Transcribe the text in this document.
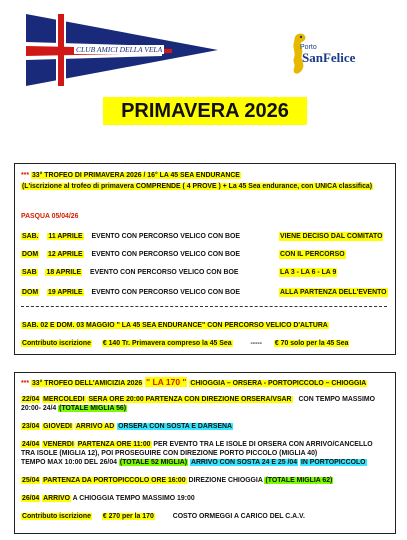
CLUB AMICI DELLA VELA	Porto
SanFelice
PRIMAVERA 2026
*** 33° TROFEO DI PRIMAVERA 2026 / 16° LA 45 SEA ENDURANCE
(L'iscrizione al trofeo di primavera COMPRENDE ( 4 PROVE ) + La 45 Sea endurance, con UNICA classifica)
PASQUA 05/04/26
SAB. 11 APRILE EVENTO CON PERCORSO VELICO CON BOE	VIENE DECISO DAL COMITATO
DOM 12 APRILE EVENTO CON PERCORSO VELICO CON BOE	CON IL PERCORSO
SAB 18 APRILE EVENTO CON PERCORSO VELICO CON BOE	LA 3 - LA 6 - LA 9
DOM 19 APRILE EVENTO CON PERCORSO VELICO CON BOE	ALLA PARTENZA DELL'EVENTO
SAB. 02 E DOM. 03 MAGGIO " LA 45 SEA ENDURANCE" CON PERCORSO VELICO D'ALTURA
Contributo iscrizione € 140 Tr. Primavera compreso la 45 Sea	----- € 70 solo per la 45 Sea
*** 33° TROFEO DELL'AMICIZIA 2026 " LA 170 " CHIOGGIA – ORSERA - PORTOPICCOLO – CHIOGGIA
22/04 MERCOLEDI SERA ORE 20:00 PARTENZA CON DIREZIONE ORSERA/VSAR CON TEMPO MASSIMO
20:00- 24/4 (TOTALE MIGLIA 56)
23/04 GIOVEDI ARRIVO AD ORSERA CON SOSTA E DARSENA
24/04 VENERDI PARTENZA ORE 11:00 PER EVENTO TRA LE ISOLE DI ORSERA CON ARRIVO/CANCELLO
TRA ISOLE (MIGLIA 12), POI PROSEGUIRE CON DIREZIONE PORTO PICCOLO (MIGLIA 40)
TEMPO MAX 10:00 DEL 26/04 (TOTALE 52 MIGLIA) ARRIVO CON SOSTA 24 E 25 /04 IN PORTOPICCOLO
25/04 PARTENZA DA PORTOPICCOLO ORE 16:00 DIREZIONE CHIOGGIA (TOTALE MIGLIA 62)
26/04 ARRIVO A CHIOGGIA TEMPO MASSIMO 19:00
Contributo iscrizione € 270 per la 170	COSTO ORMEGGI A CARICO DEL C.A.V.
